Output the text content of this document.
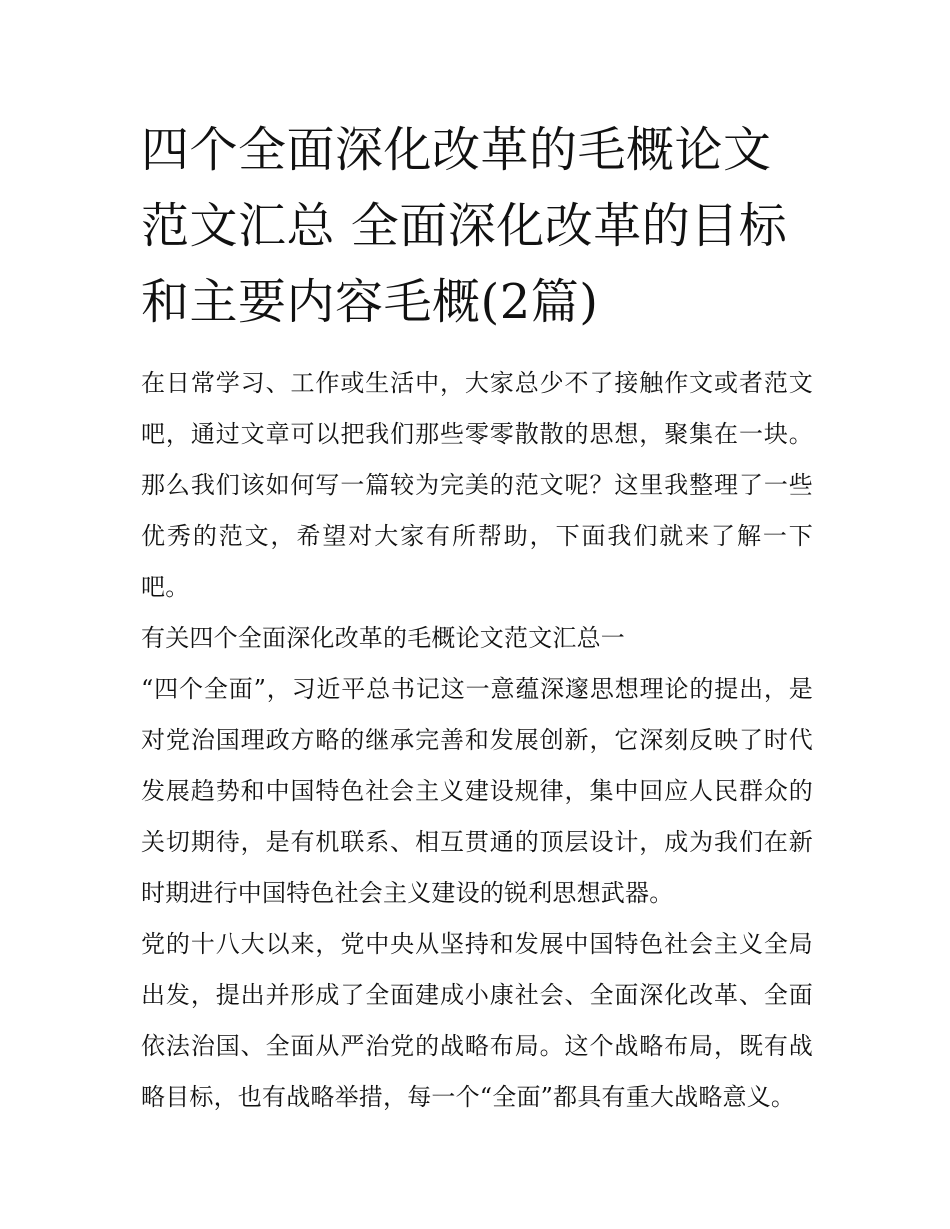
四个全面深化改革的毛概论文范文汇总 全面深化改革的目标和主要内容毛概(2篇)

在日常学习、工作或生活中，大家总少不了接触作文或者范文吧，通过文章可以把我们那些零零散散的思想，聚集在一块。那么我们该如何写一篇较为完美的范文呢？这里我整理了一些优秀的范文，希望对大家有所帮助，下面我们就来了解一下吧。

有关四个全面深化改革的毛概论文范文汇总一

“四个全面”，习近平总书记这一意蕴深邃思想理论的提出，是对党治国理政方略的继承完善和发展创新，它深刻反映了时代发展趋势和中国特色社会主义建设规律，集中回应人民群众的关切期待，是有机联系、相互贯通的顶层设计，成为我们在新时期进行中国特色社会主义建设的锐利思想武器。

党的十八大以来，党中央从坚持和发展中国特色社会主义全局出发，提出并形成了全面建成小康社会、全面深化改革、全面依法治国、全面从严治党的战略布局。这个战略布局，既有战略目标，也有战略举措，每一个“全面”都具有重大战略意义。
